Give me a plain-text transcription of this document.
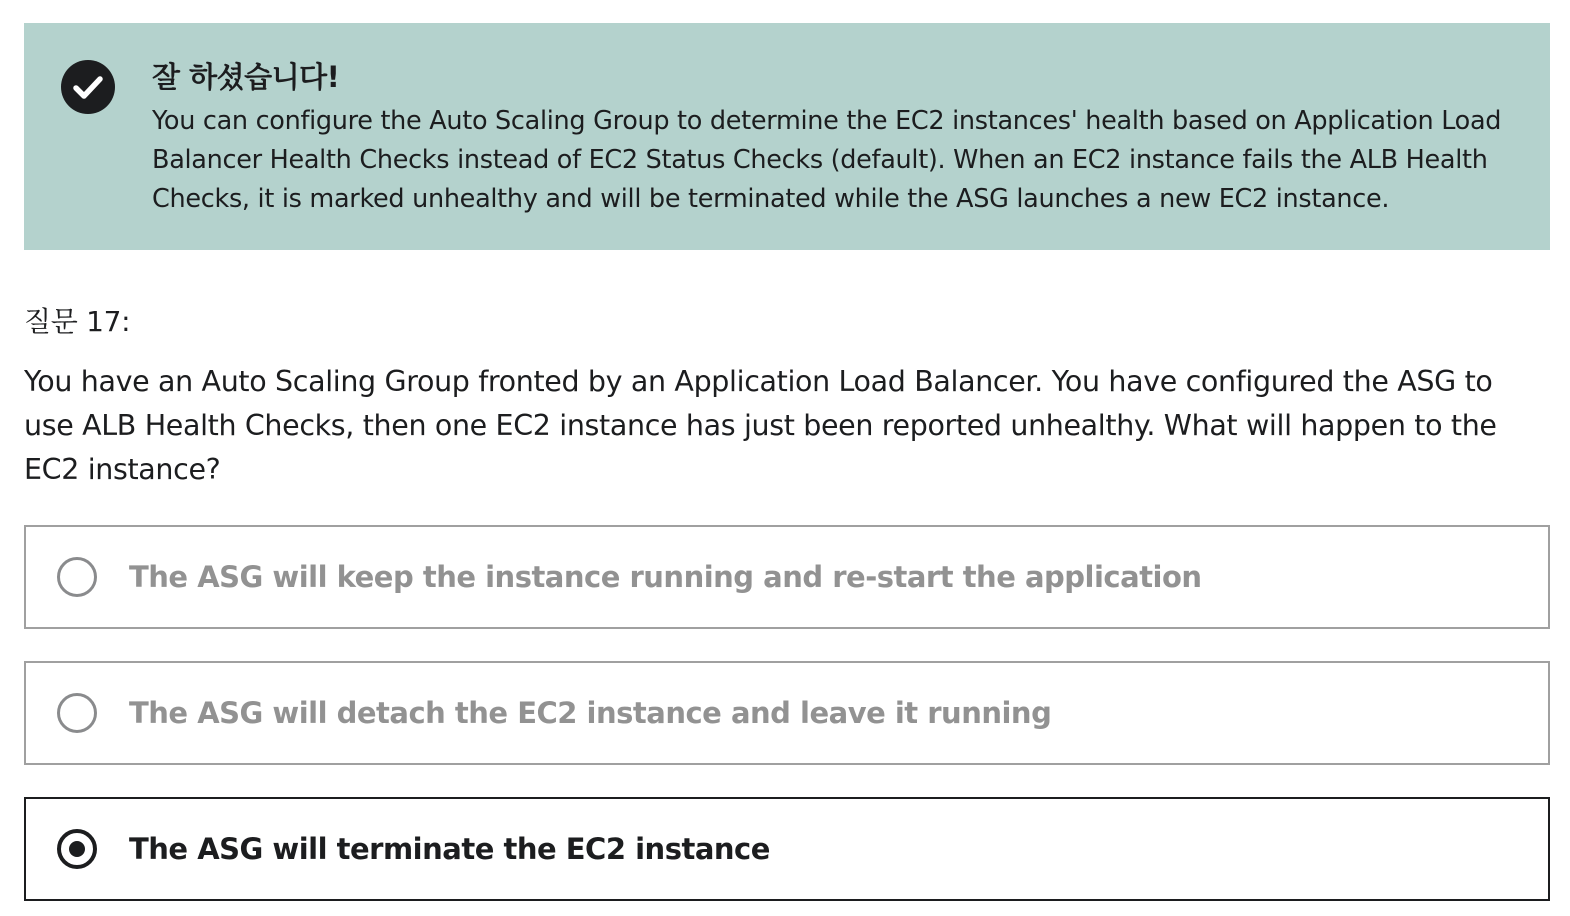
잘 하셨습니다!
You can configure the Auto Scaling Group to determine the EC2 instances' health based on Application Load Balancer Health Checks instead of EC2 Status Checks (default). When an EC2 instance fails the ALB Health Checks, it is marked unhealthy and will be terminated while the ASG launches a new EC2 instance.
질문 17:
You have an Auto Scaling Group fronted by an Application Load Balancer. You have configured the ASG to use ALB Health Checks, then one EC2 instance has just been reported unhealthy. What will happen to the EC2 instance?
The ASG will keep the instance running and re-start the application
The ASG will detach the EC2 instance and leave it running
The ASG will terminate the EC2 instance
